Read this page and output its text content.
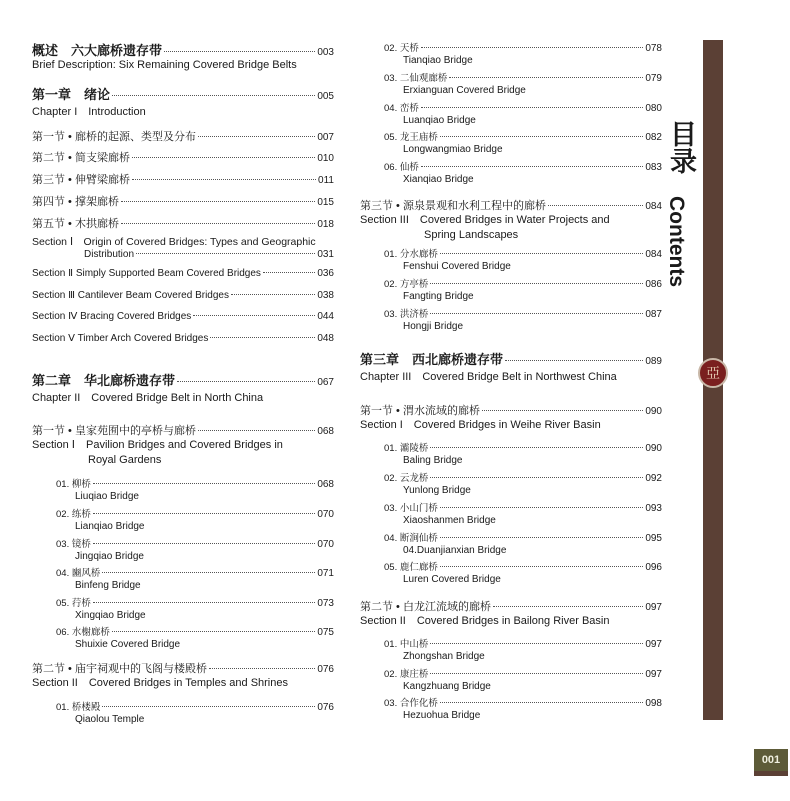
概述　六大廊桥遗存带	003
Brief Description: Six Remaining Covered Bridge Belts
第一章　绪论	005
Chapter I　Introduction
第一节 • 廊桥的起源、类型及分布	007
第二节 • 简支梁廊桥	010
第三节 • 伸臂梁廊桥	011
第四节 • 撑架廊桥	015
第五节 • 木拱廊桥	018
Section Ⅰ　Origin of Covered Bridges: Types and Geographic
Distribution	031
Section Ⅱ Simply Supported Beam Covered Bridges	036
Section Ⅲ Cantilever Beam Covered Bridges	038
Section Ⅳ Bracing Covered Bridges	044
Section Ⅴ Timber Arch Covered Bridges	048
第二章　华北廊桥遗存带	067
Chapter II　Covered Bridge Belt in North China
第一节 • 皇家苑囿中的亭桥与廊桥	068
Section Ⅰ　Pavilion Bridges and Covered Bridges in
Royal Gardens
01. 柳桥	068
Liuqiao Bridge
02. 练桥	070
Lianqiao Bridge
03. 镜桥	070
Jingqiao Bridge
04. 豳风桥	071
Binfeng Bridge
05. 荇桥	073
Xingqiao Bridge
06. 水榭廊桥	075
Shuixie Covered Bridge
第二节 • 庙宇祠观中的飞阁与楼殿桥	076
Section II　Covered Bridges in Temples and Shrines
01. 桥楼殿	076
Qiaolou Temple
02. 天桥	078
Tianqiao Bridge
03. 二仙观廊桥	079
Erxianguan Covered Bridge
04. 峦桥	080
Luanqiao Bridge
05. 龙王庙桥	082
Longwangmiao Bridge
06. 仙桥	083
Xianqiao Bridge
第三节 • 源泉景观和水利工程中的廊桥	084
Section III　Covered Bridges in Water Projects and
Spring Landscapes
01. 分水廊桥	084
Fenshui Covered Bridge
02. 方亭桥	086
Fangting Bridge
03. 洪济桥	087
Hongji Bridge
第三章　西北廊桥遗存带	089
Chapter III　Covered Bridge Belt in Northwest China
第一节 • 渭水流域的廊桥	090
Section I　Covered Bridges in Weihe River Basin
01. 灞陵桥	090
Baling Bridge
02. 云龙桥	092
Yunlong Bridge
03. 小山门桥	093
Xiaoshanmen Bridge
04. 断涧仙桥	095
04.Duanjianxian Bridge
05. 鹿仁廊桥	096
Luren Covered Bridge
第二节 • 白龙江流域的廊桥	097
Section II　Covered Bridges in Bailong River Basin
01. 中山桥	097
Zhongshan Bridge
02. 康庄桥	097
Kangzhuang Bridge
03. 合作化桥	098
Hezuohua Bridge
目录
Contents
亞
001
